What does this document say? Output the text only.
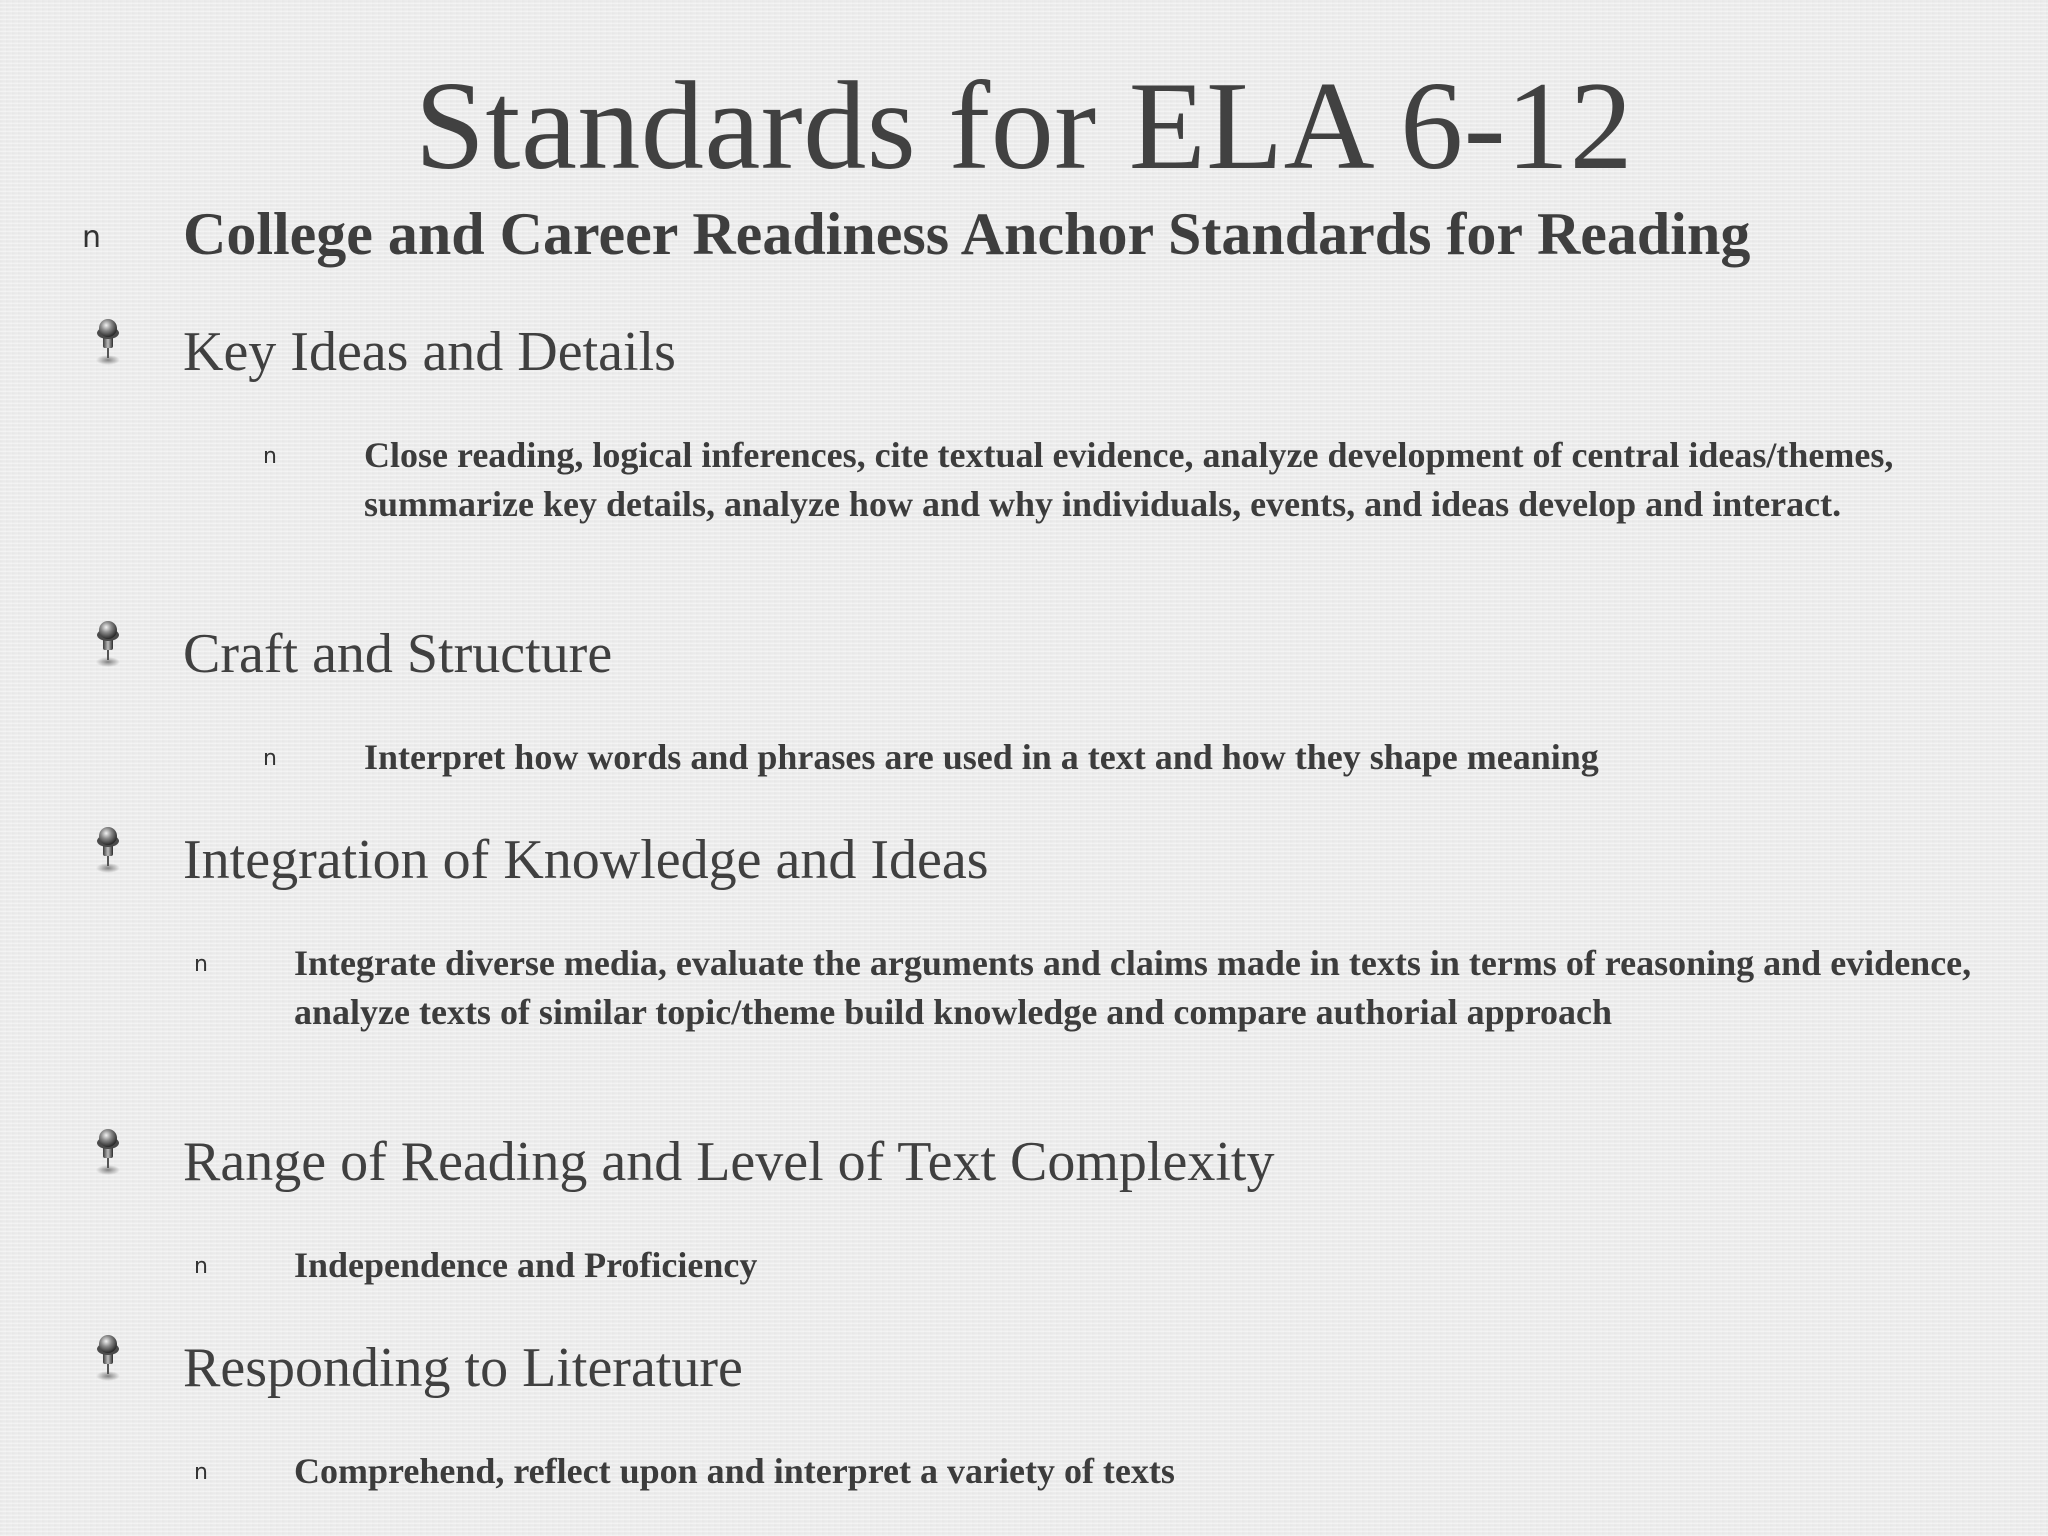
Standards for ELA 6-12
n College and Career Readiness Anchor Standards for Reading
Key Ideas and Details
n Close reading, logical inferences, cite textual evidence, analyze development of central ideas/themes, summarize key details, analyze how and why individuals, events, and ideas develop and interact.
Craft and Structure
n Interpret how words and phrases are used in a text and how they shape meaning
Integration of Knowledge and Ideas
n Integrate diverse media, evaluate the arguments and claims made in texts in terms of reasoning and evidence, analyze texts of similar topic/theme build knowledge and compare authorial approach
Range of Reading and Level of Text Complexity
n Independence and Proficiency
Responding to Literature
n Comprehend, reflect upon and interpret a variety of texts
